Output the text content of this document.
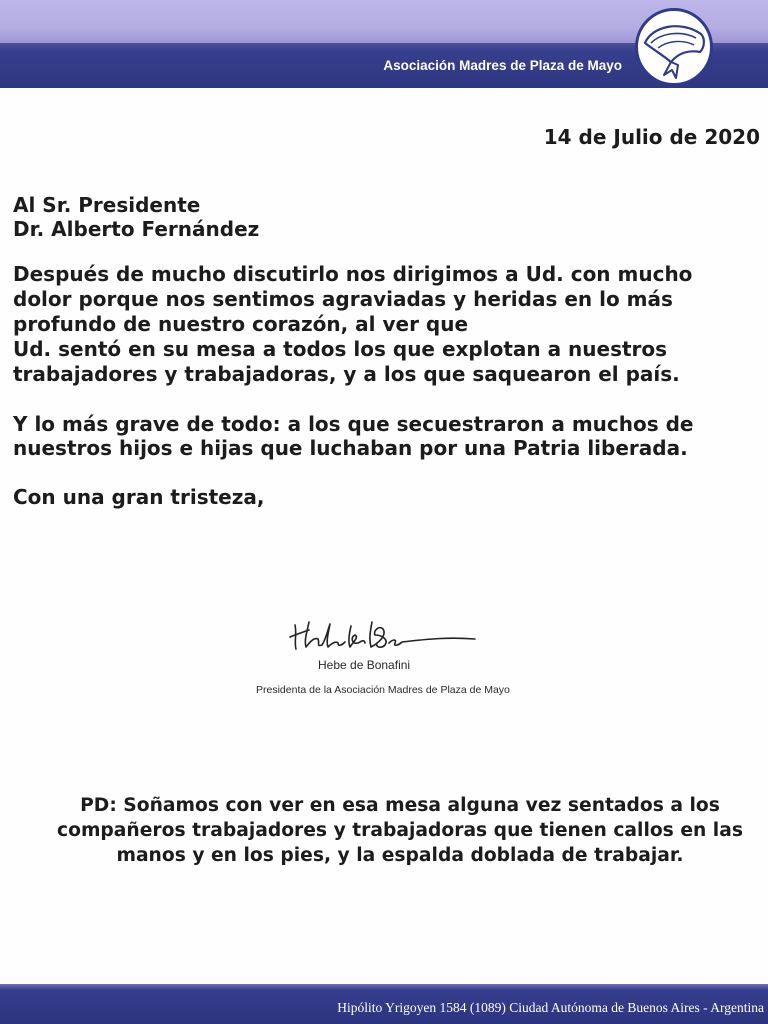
Asociación Madres de Plaza de Mayo
14 de Julio de 2020
Al Sr. Presidente
Dr. Alberto Fernández
Después de mucho discutirlo nos dirigimos a Ud. con mucho
dolor porque nos sentimos agraviadas y heridas en lo más
profundo de nuestro corazón, al ver que
Ud. sentó en su mesa a todos los que explotan a nuestros
trabajadores y trabajadoras, y a los que saquearon el país.
Y lo más grave de todo: a los que secuestraron a muchos de
nuestros hijos e hijas que luchaban por una Patria liberada.
Con una gran tristeza,
Hebe de Bonafini
Presidenta de la Asociación Madres de Plaza de Mayo
PD: Soñamos con ver en esa mesa alguna vez sentados a los
compañeros trabajadores y trabajadoras que tienen callos en las
manos y en los pies, y la espalda doblada de trabajar.
Hipólito Yrigoyen 1584 (1089) Ciudad Autónoma de Buenos Aires - Argentina
